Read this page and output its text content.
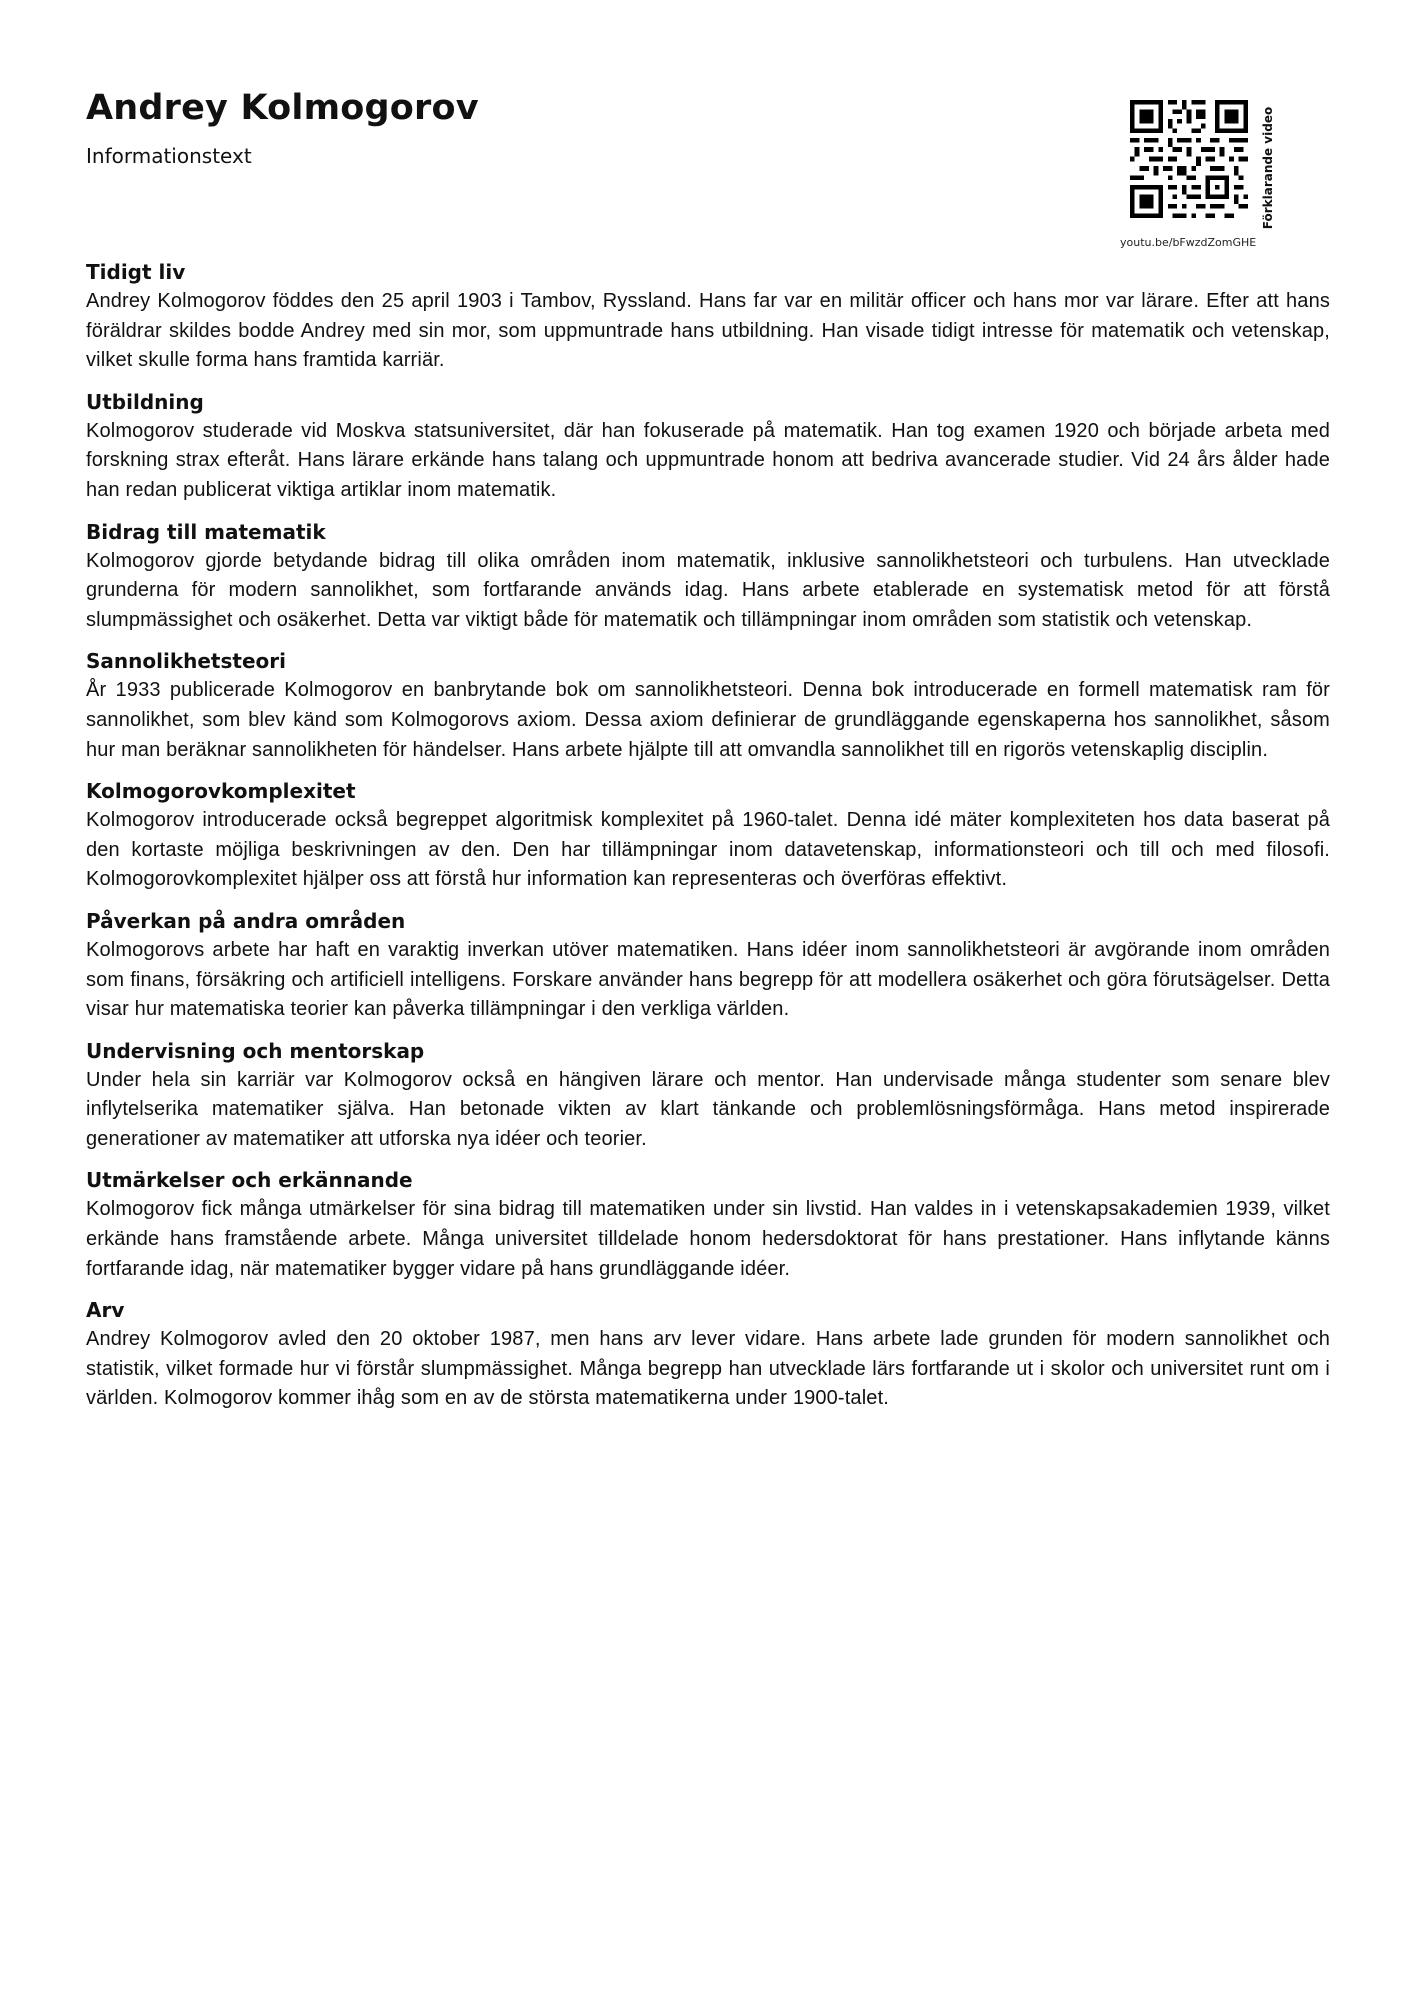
Andrey Kolmogorov
Informationstext	Förklarande video
youtu.be/bFwzdZomGHE
Tidigt liv

Andrey Kolmogorov föddes den 25 april 1903 i Tambov, Ryssland. Hans far var en militär officer och hans mor var lärare. Efter att hans föräldrar skildes bodde Andrey med sin mor, som uppmuntrade hans utbildning. Han visade tidigt intresse för matematik och vetenskap, vilket skulle forma hans framtida karriär.

Utbildning

Kolmogorov studerade vid Moskva statsuniversitet, där han fokuserade på matematik. Han tog examen 1920 och började arbeta med forskning strax efteråt. Hans lärare erkände hans talang och uppmuntrade honom att bedriva avancerade studier. Vid 24 års ålder hade han redan publicerat viktiga artiklar inom matematik.

Bidrag till matematik

Kolmogorov gjorde betydande bidrag till olika områden inom matematik, inklusive sannolikhetsteori och turbulens. Han utvecklade grunderna för modern sannolikhet, som fortfarande används idag. Hans arbete etablerade en systematisk metod för att förstå slumpmässighet och osäkerhet. Detta var viktigt både för matematik och tillämpningar inom områden som statistik och vetenskap.

Sannolikhetsteori

År 1933 publicerade Kolmogorov en banbrytande bok om sannolikhetsteori. Denna bok introducerade en formell matematisk ram för sannolikhet, som blev känd som Kolmogorovs axiom. Dessa axiom definierar de grundläggande egenskaperna hos sannolikhet, såsom hur man beräknar sannolikheten för händelser. Hans arbete hjälpte till att omvandla sannolikhet till en rigorös vetenskaplig disciplin.

Kolmogorovkomplexitet

Kolmogorov introducerade också begreppet algoritmisk komplexitet på 1960-talet. Denna idé mäter komplexiteten hos data baserat på den kortaste möjliga beskrivningen av den. Den har tillämpningar inom datavetenskap, informationsteori och till och med filosofi. Kolmogorovkomplexitet hjälper oss att förstå hur information kan representeras och överföras effektivt.

Påverkan på andra områden

Kolmogorovs arbete har haft en varaktig inverkan utöver matematiken. Hans idéer inom sannolikhetsteori är avgörande inom områden som finans, försäkring och artificiell intelligens. Forskare använder hans begrepp för att modellera osäkerhet och göra förutsägelser. Detta visar hur matematiska teorier kan påverka tillämpningar i den verkliga världen.

Undervisning och mentorskap

Under hela sin karriär var Kolmogorov också en hängiven lärare och mentor. Han undervisade många studenter som senare blev inflytelserika matematiker själva. Han betonade vikten av klart tänkande och problemlösningsförmåga. Hans metod inspirerade generationer av matematiker att utforska nya idéer och teorier.

Utmärkelser och erkännande

Kolmogorov fick många utmärkelser för sina bidrag till matematiken under sin livstid. Han valdes in i vetenskapsakademien 1939, vilket erkände hans framstående arbete. Många universitet tilldelade honom hedersdoktorat för hans prestationer. Hans inflytande känns fortfarande idag, när matematiker bygger vidare på hans grundläggande idéer.

Arv

Andrey Kolmogorov avled den 20 oktober 1987, men hans arv lever vidare. Hans arbete lade grunden för modern sannolikhet och statistik, vilket formade hur vi förstår slumpmässighet. Många begrepp han utvecklade lärs fortfarande ut i skolor och universitet runt om i världen. Kolmogorov kommer ihåg som en av de största matematikerna under 1900-talet.
